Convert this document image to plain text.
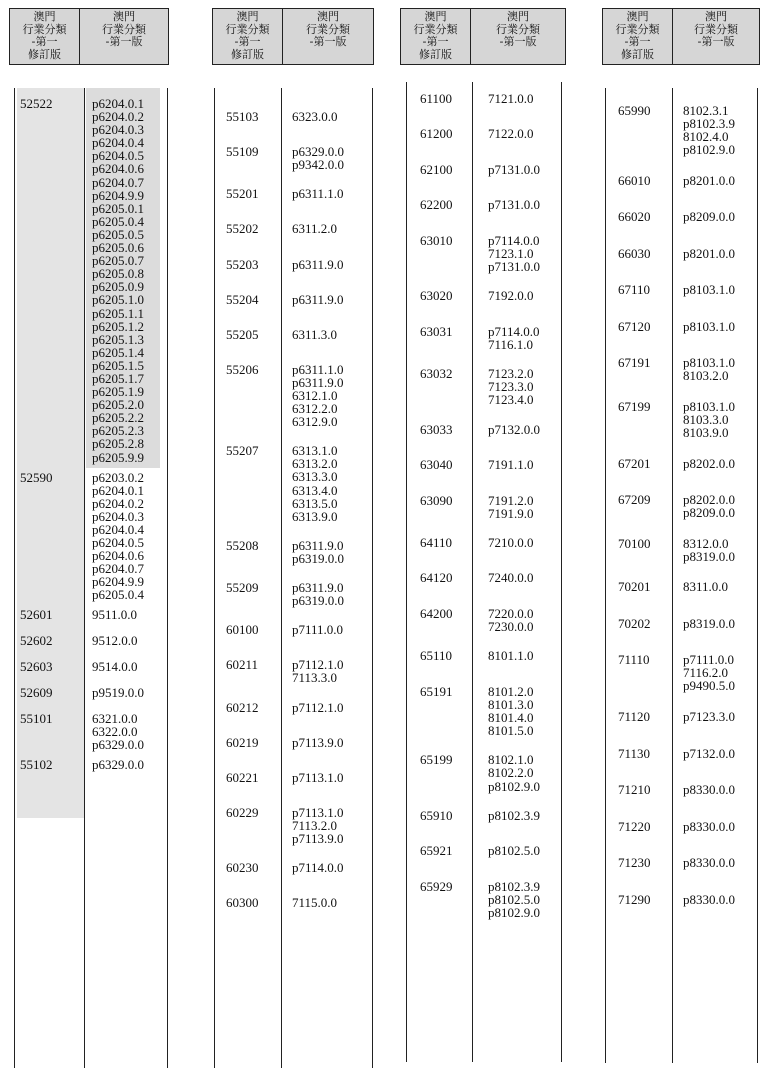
澳門
行業分類
-第一
修訂版
澳門
行業分類
-第一版
澳門
行業分類
-第一
修訂版
澳門
行業分類
-第一版
澳門
行業分類
-第一
修訂版
澳門
行業分類
-第一版
澳門
行業分類
-第一
修訂版
澳門
行業分類
-第一版
52522	p6204.0.1
p6204.0.2
p6204.0.3
p6204.0.4
p6204.0.5
p6204.0.6
p6204.0.7
p6204.9.9
p6205.0.1
p6205.0.4
p6205.0.5
p6205.0.6
p6205.0.7
p6205.0.8
p6205.0.9
p6205.1.0
p6205.1.1
p6205.1.2
p6205.1.3
p6205.1.4
p6205.1.5
p6205.1.7
p6205.1.9
p6205.2.0
p6205.2.2
p6205.2.3
p6205.2.8
p6205.9.9
52590	p6203.0.2
p6204.0.1
p6204.0.2
p6204.0.3
p6204.0.4
p6204.0.5
p6204.0.6
p6204.0.7
p6204.9.9
p6205.0.4
52601	9511.0.0
52602	9512.0.0
52603	9514.0.0
52609	p9519.0.0
55101	6321.0.0
6322.0.0
p6329.0.0
55102	p6329.0.0
55103	6323.0.0
55109	p6329.0.0
p9342.0.0
55201	p6311.1.0
55202	6311.2.0
55203	p6311.9.0
55204	p6311.9.0
55205	6311.3.0
55206	p6311.1.0
p6311.9.0
6312.1.0
6312.2.0
6312.9.0
55207	6313.1.0
6313.2.0
6313.3.0
6313.4.0
6313.5.0
6313.9.0
55208	p6311.9.0
p6319.0.0
55209	p6311.9.0
p6319.0.0
60100	p7111.0.0
60211	p7112.1.0
7113.3.0
60212	p7112.1.0
60219	p7113.9.0
60221	p7113.1.0
60229	p7113.1.0
7113.2.0
p7113.9.0
60230	p7114.0.0
60300	7115.0.0
61100	7121.0.0
61200	7122.0.0
62100	p7131.0.0
62200	p7131.0.0
63010	p7114.0.0
7123.1.0
p7131.0.0
63020	7192.0.0
63031	p7114.0.0
7116.1.0
63032	7123.2.0
7123.3.0
7123.4.0
63033	p7132.0.0
63040	7191.1.0
63090	7191.2.0
7191.9.0
64110	7210.0.0
64120	7240.0.0
64200	7220.0.0
7230.0.0
65110	8101.1.0
65191	8101.2.0
8101.3.0
8101.4.0
8101.5.0
65199	8102.1.0
8102.2.0
p8102.9.0
65910	p8102.3.9
65921	p8102.5.0
65929	p8102.3.9
p8102.5.0
p8102.9.0
65990	8102.3.1
p8102.3.9
8102.4.0
p8102.9.0
66010	p8201.0.0
66020	p8209.0.0
66030	p8201.0.0
67110	p8103.1.0
67120	p8103.1.0
67191	p8103.1.0
8103.2.0
67199	p8103.1.0
8103.3.0
8103.9.0
67201	p8202.0.0
67209	p8202.0.0
p8209.0.0
70100	8312.0.0
p8319.0.0
70201	8311.0.0
70202	p8319.0.0
71110	p7111.0.0
7116.2.0
p9490.5.0
71120	p7123.3.0
71130	p7132.0.0
71210	p8330.0.0
71220	p8330.0.0
71230	p8330.0.0
71290	p8330.0.0
